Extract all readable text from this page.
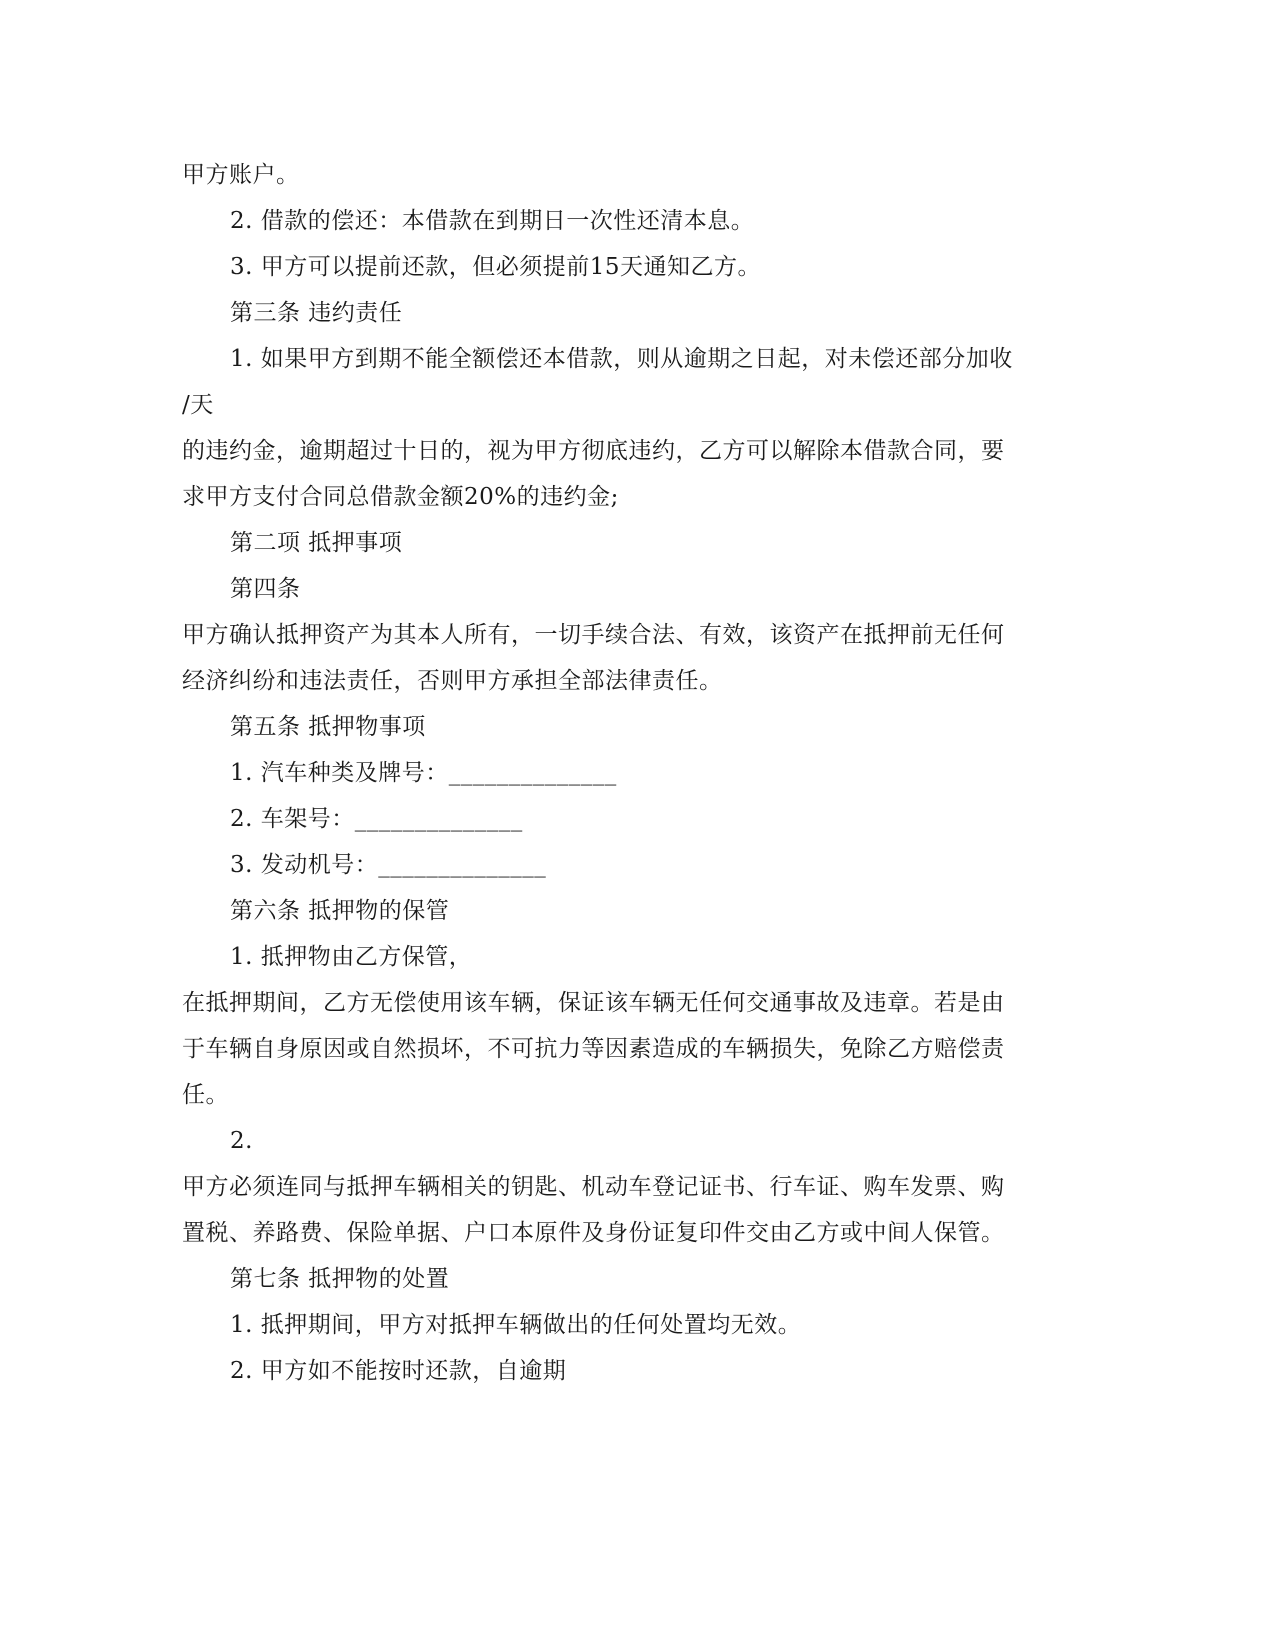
甲方账户。
2. 借款的偿还：本借款在到期日一次性还清本息。
3. 甲方可以提前还款，但必须提前15天通知乙方。
第三条 违约责任
1. 如果甲方到期不能全额偿还本借款，则从逾期之日起，对未偿还部分加收
/天
的违约金，逾期超过十日的，视为甲方彻底违约，乙方可以解除本借款合同，要
求甲方支付合同总借款金额20%的违约金;
第二项 抵押事项
第四条
甲方确认抵押资产为其本人所有，一切手续合法、有效，该资产在抵押前无任何
经济纠纷和违法责任，否则甲方承担全部法律责任。
第五条 抵押物事项
1. 汽车种类及牌号：______________
2. 车架号：______________
3. 发动机号：______________
第六条 抵押物的保管
1. 抵押物由乙方保管，
在抵押期间，乙方无偿使用该车辆，保证该车辆无任何交通事故及违章。若是由
于车辆自身原因或自然损坏，不可抗力等因素造成的车辆损失，免除乙方赔偿责
任。
2.
甲方必须连同与抵押车辆相关的钥匙、机动车登记证书、行车证、购车发票、购
置税、养路费、保险单据、户口本原件及身份证复印件交由乙方或中间人保管。
第七条 抵押物的处置
1. 抵押期间，甲方对抵押车辆做出的任何处置均无效。
2. 甲方如不能按时还款，自逾期
